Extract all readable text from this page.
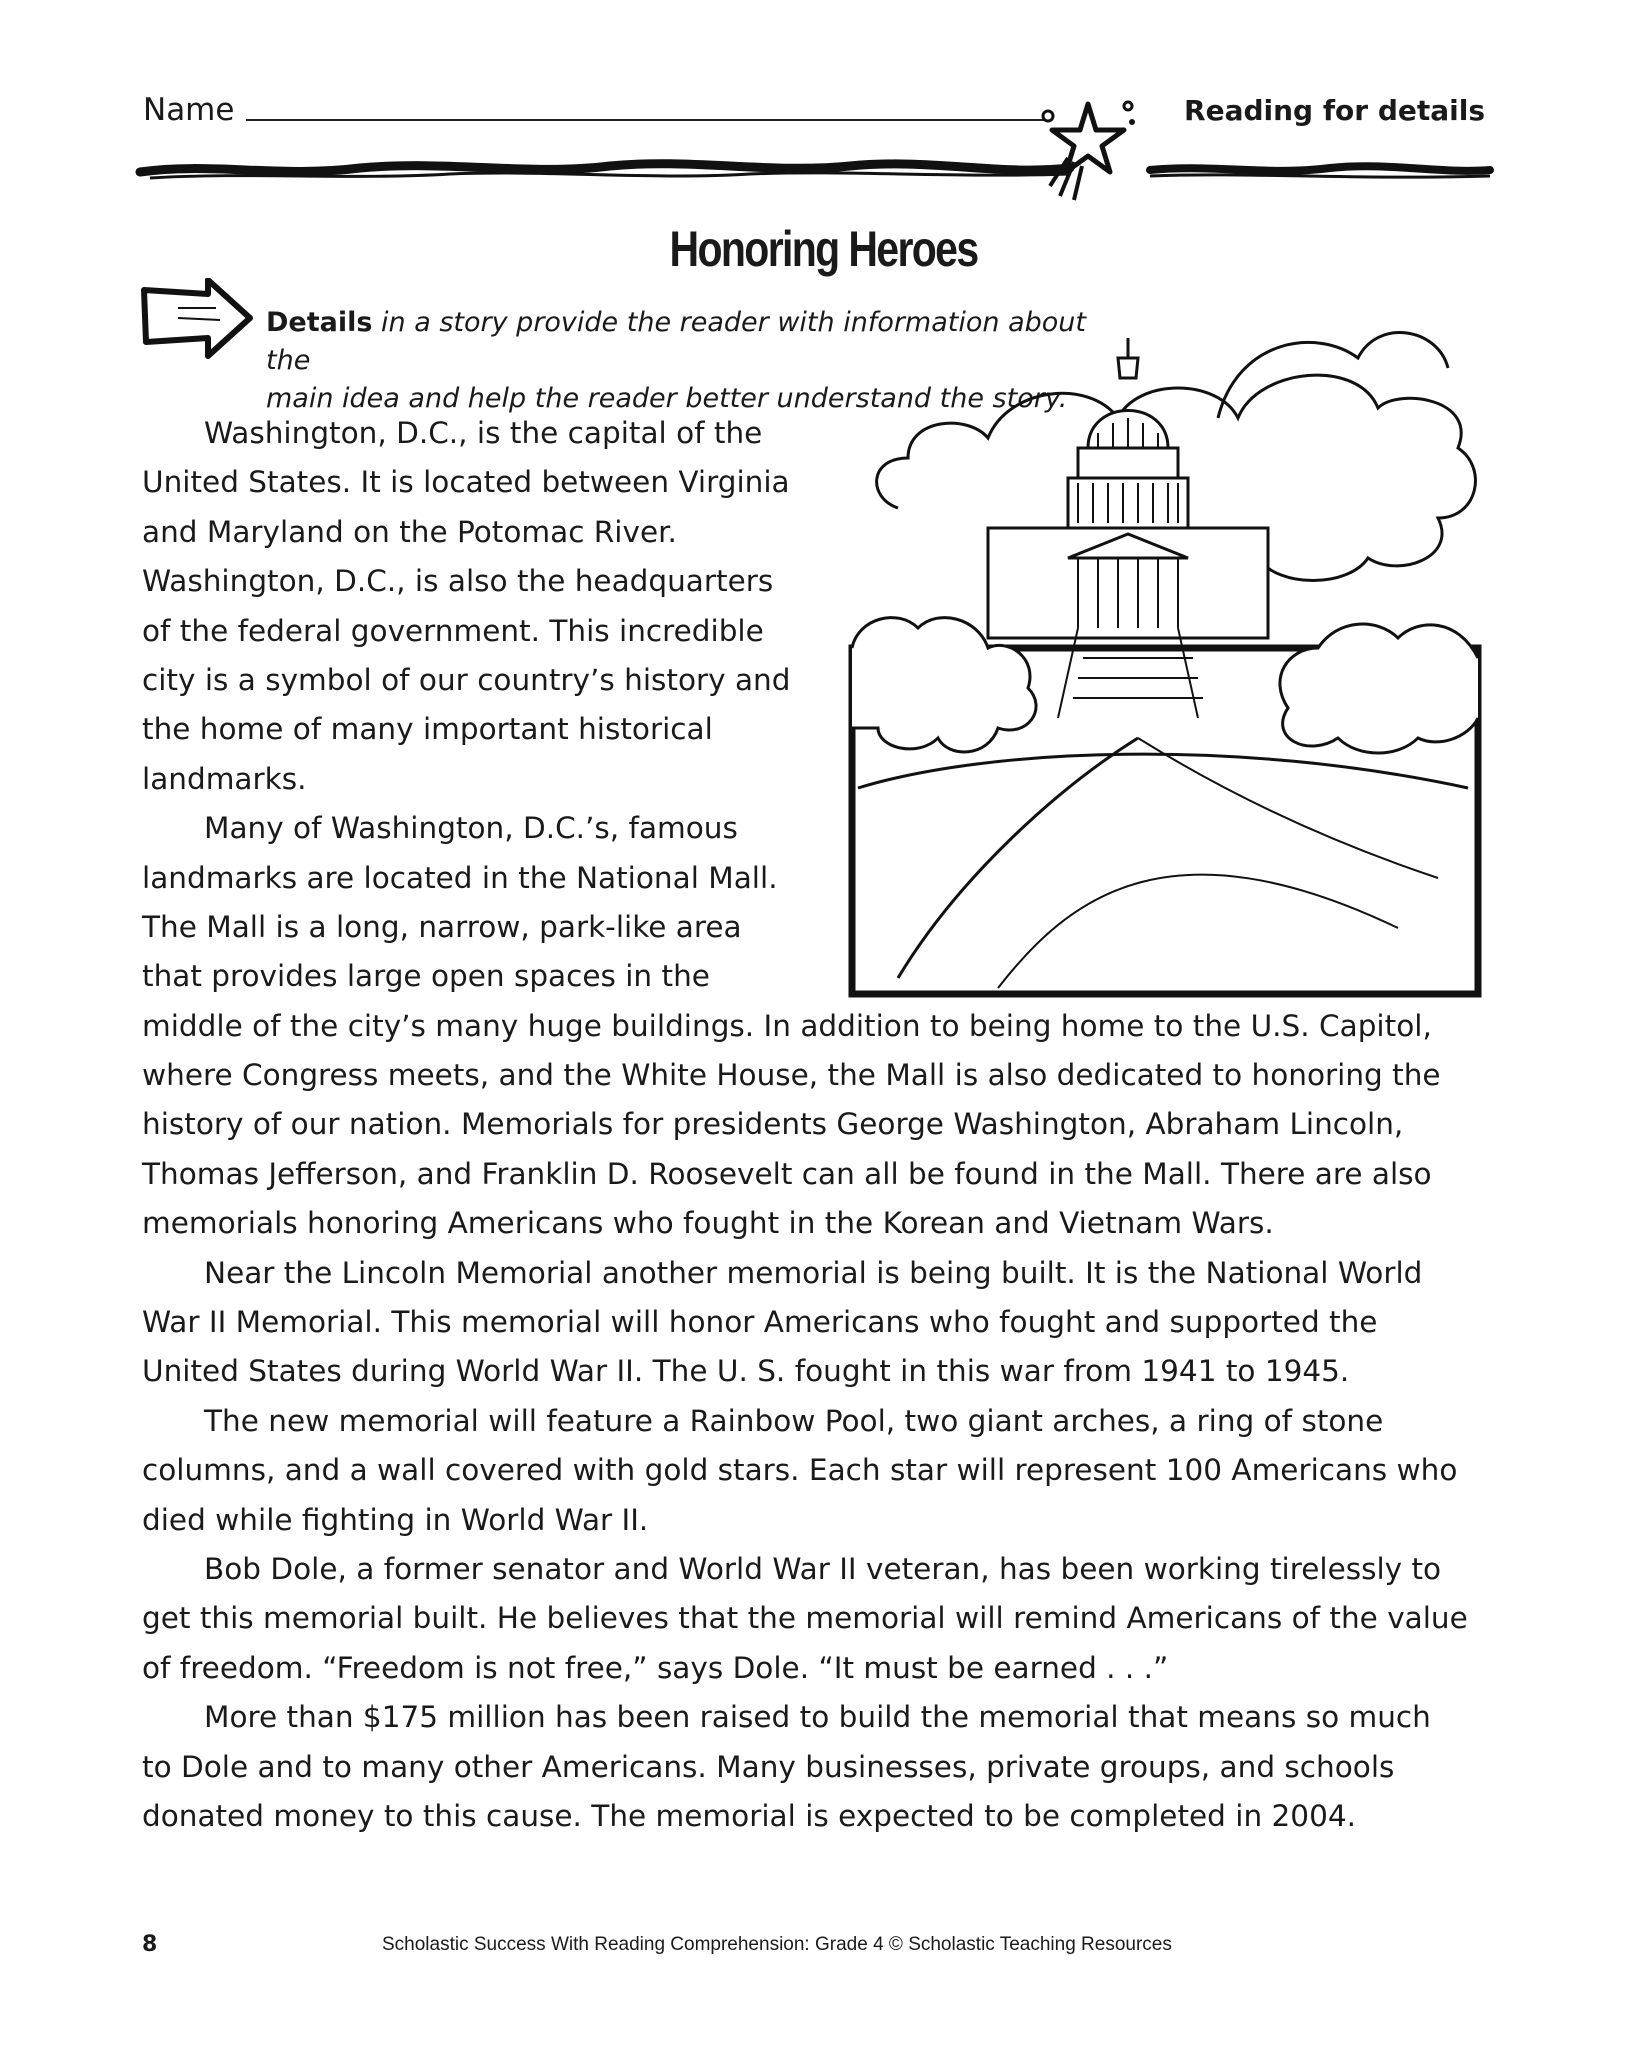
Name	Reading for details
Honoring Heroes
Details in a story provide the reader with information about the
main idea and help the reader better understand the story.
Washington, D.C., is the capital of the
United States. It is located between Virginia
and Maryland on the Potomac River.
Washington, D.C., is also the headquarters
of the federal government. This incredible
city is a symbol of our country’s history and
the home of many important historical
landmarks.
Many of Washington, D.C.’s, famous
landmarks are located in the National Mall.
The Mall is a long, narrow, park-like area
that provides large open spaces in the
middle of the city’s many huge buildings. In addition to being home to the U.S. Capitol,
where Congress meets, and the White House, the Mall is also dedicated to honoring the
history of our nation. Memorials for presidents George Washington, Abraham Lincoln,
Thomas Jefferson, and Franklin D. Roosevelt can all be found in the Mall. There are also
memorials honoring Americans who fought in the Korean and Vietnam Wars.
Near the Lincoln Memorial another memorial is being built. It is the National World
War II Memorial. This memorial will honor Americans who fought and supported the
United States during World War II. The U. S. fought in this war from 1941 to 1945.
The new memorial will feature a Rainbow Pool, two giant arches, a ring of stone
columns, and a wall covered with gold stars. Each star will represent 100 Americans who
died while fighting in World War II.
Bob Dole, a former senator and World War II veteran, has been working tirelessly to
get this memorial built. He believes that the memorial will remind Americans of the value
of freedom. “Freedom is not free,” says Dole. “It must be earned . . .”
More than $175 million has been raised to build the memorial that means so much
to Dole and to many other Americans. Many businesses, private groups, and schools
donated money to this cause. The memorial is expected to be completed in 2004.
8	Scholastic Success With Reading Comprehension: Grade 4 © Scholastic Teaching Resources
